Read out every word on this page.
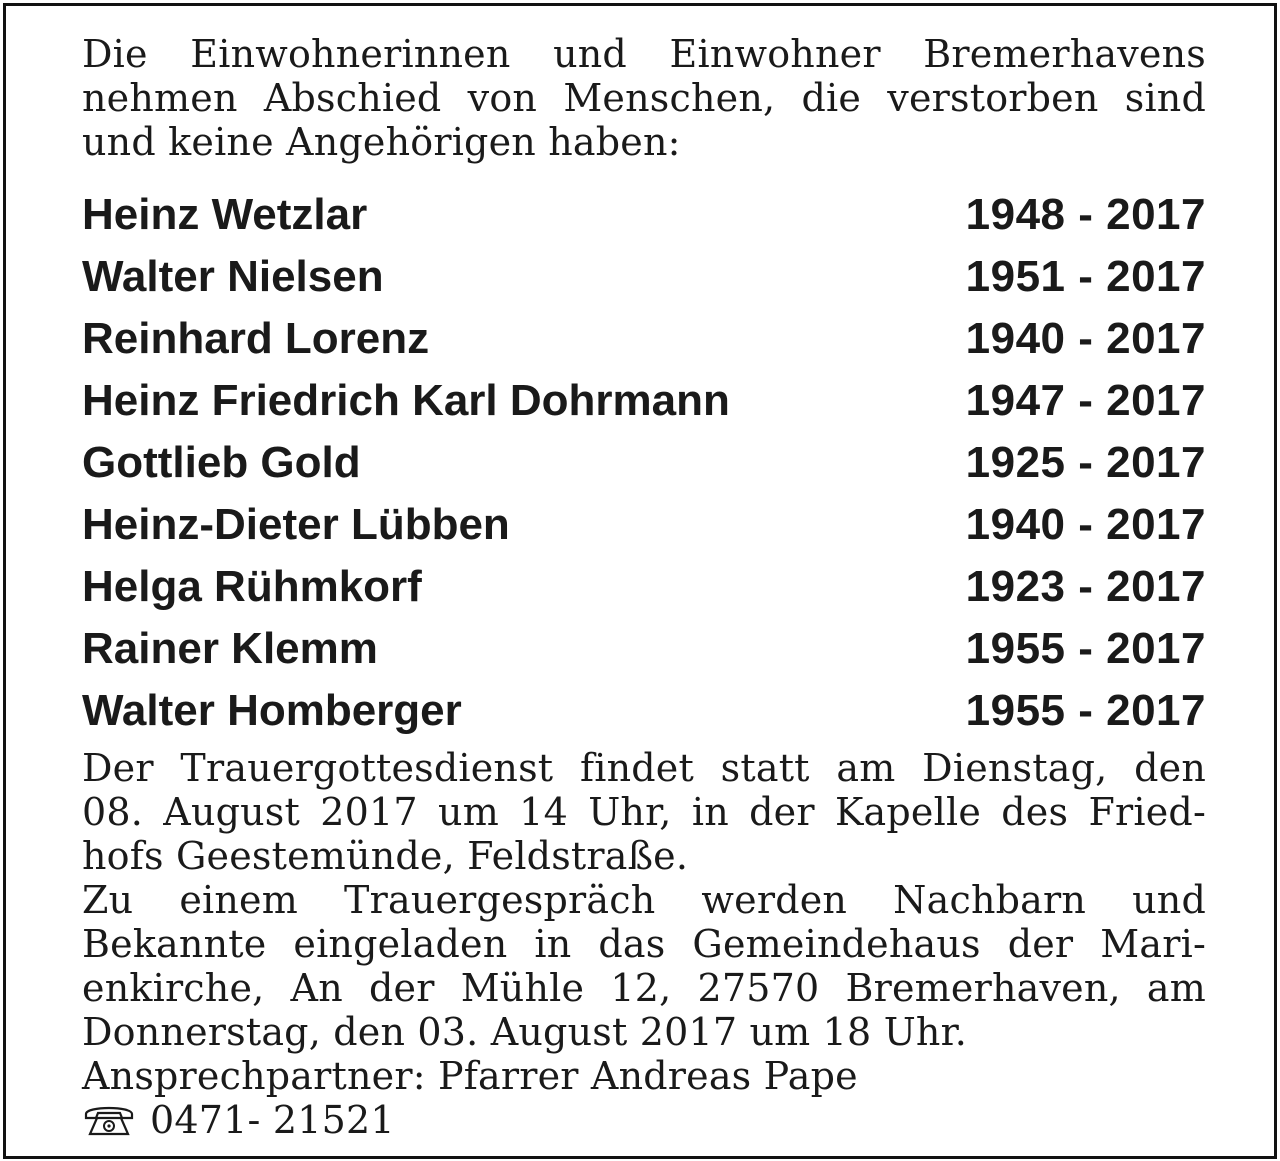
Die Einwohnerinnen und Einwohner Bremerhavens
nehmen Abschied von Menschen, die verstorben sind
und keine Angehörigen haben:

Heinz Wetzlar	1948 - 2017
Walter Nielsen	1951 - 2017
Reinhard Lorenz	1940 - 2017
Heinz Friedrich Karl Dohrmann	1947 - 2017
Gottlieb Gold	1925 - 2017
Heinz-Dieter Lübben	1940 - 2017
Helga Rühmkorf	1923 - 2017
Rainer Klemm	1955 - 2017
Walter Homberger	1955 - 2017

Der Trauergottesdienst findet statt am Dienstag, den
08. August 2017 um 14 Uhr, in der Kapelle des Fried-
hofs Geestemünde, Feldstraße.

Zu einem Trauergespräch werden Nachbarn und
Bekannte eingeladen in das Gemeindehaus der Mari-
enkirche, An der Mühle 12, 27570 Bremerhaven, am
Donnerstag, den 03. August 2017 um 18 Uhr.

Ansprechpartner: Pfarrer Andreas Pape
0471- 21521
